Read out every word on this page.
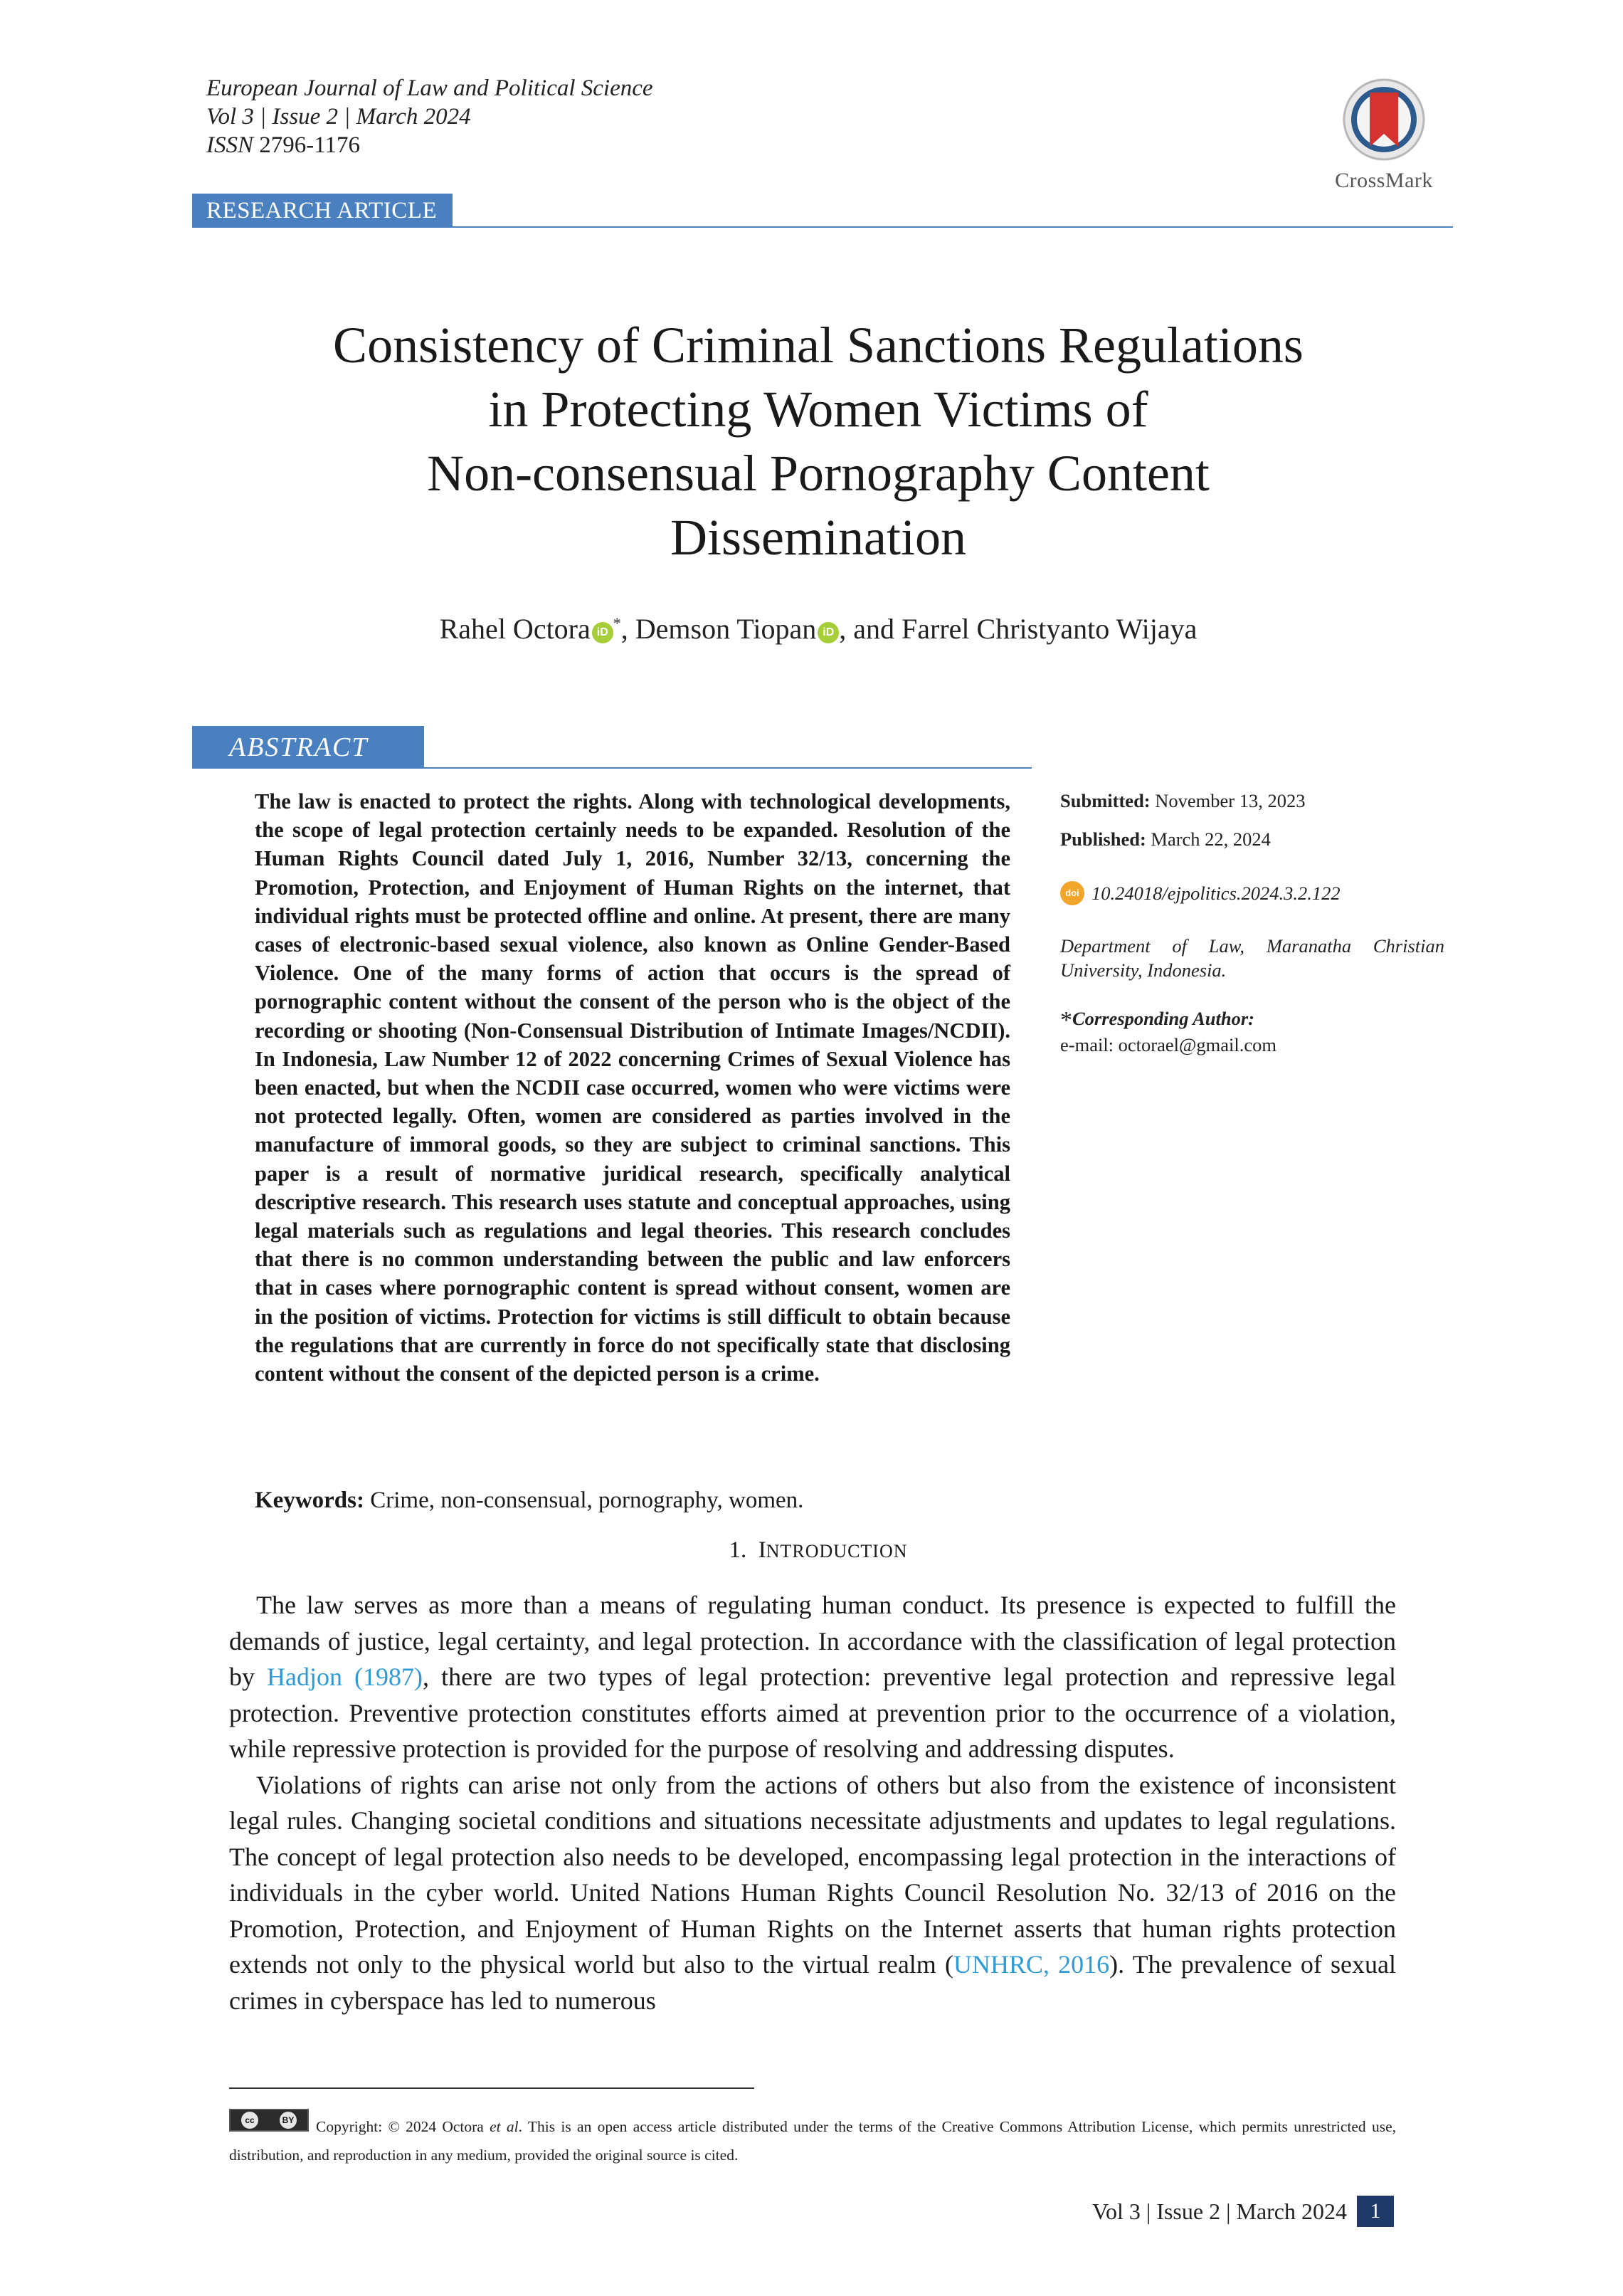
European Journal of Law and Political Science
Vol 3 | Issue 2 | March 2024
ISSN 2796-1176
CrossMark
RESEARCH ARTICLE
Consistency of Criminal Sanctions Regulations
in Protecting Women Victims of
Non-consensual Pornography Content
Dissemination
Rahel Octora iD*, Demson Tiopan iD , and Farrel Christyanto Wijaya
ABSTRACT
The law is enacted to protect the rights. Along with technological developments, the scope of legal protection certainly needs to be expanded. Resolution of the Human Rights Council dated July 1, 2016, Number 32/13, concerning the Promotion, Protection, and Enjoyment of Human Rights on the internet, that individual rights must be protected offline and online. At present, there are many cases of electronic-based sexual violence, also known as Online Gender-Based Violence. One of the many forms of action that occurs is the spread of pornographic content without the consent of the person who is the object of the recording or shooting (Non-Consensual Distribution of Intimate Images/NCDII). In Indonesia, Law Number 12 of 2022 concerning Crimes of Sexual Violence has been enacted, but when the NCDII case occurred, women who were victims were not protected legally. Often, women are considered as parties involved in the manufacture of immoral goods, so they are subject to criminal sanctions. This paper is a result of normative juridical research, specifically analytical descriptive research. This research uses statute and conceptual approaches, using legal materials such as regulations and legal theories. This research concludes that there is no common understanding between the public and law enforcers that in cases where pornographic content is spread without consent, women are in the position of victims. Protection for victims is still difficult to obtain because the regulations that are currently in force do not specifically state that disclosing content without the consent of the depicted person is a crime.
Submitted: November 13, 2023
Published: March 22, 2024
doi 10.24018/ejpolitics.2024.3.2.122
Department of Law, Maranatha Christian University, Indonesia.
*Corresponding Author:
e-mail: octorael@gmail.com
Keywords: Crime, non-consensual, pornography, women.
1. INTRODUCTION

The law serves as more than a means of regulating human conduct. Its presence is expected to fulfill the demands of justice, legal certainty, and legal protection. In accordance with the classification of legal protection by Hadjon (1987), there are two types of legal protection: preventive legal protection and repressive legal protection. Preventive protection constitutes efforts aimed at prevention prior to the occurrence of a violation, while repressive protection is provided for the purpose of resolving and addressing disputes.

Violations of rights can arise not only from the actions of others but also from the existence of inconsistent legal rules. Changing societal conditions and situations necessitate adjustments and updates to legal regulations. The concept of legal protection also needs to be developed, encompassing legal protection in the interactions of individuals in the cyber world. United Nations Human Rights Council Resolution No. 32/13 of 2016 on the Promotion, Protection, and Enjoyment of Human Rights on the Internet asserts that human rights protection extends not only to the physical world but also to the virtual realm (UNHRC, 2016). The prevalence of sexual crimes in cyberspace has led to numerous

cc	BY	Copyright: © 2024 Octora et al. This is an open access article distributed under the terms of the Creative Commons Attribution License, which permits unrestricted use, distribution, and reproduction in any medium, provided the original source is cited.
Vol 3 | Issue 2 | March 2024	1
